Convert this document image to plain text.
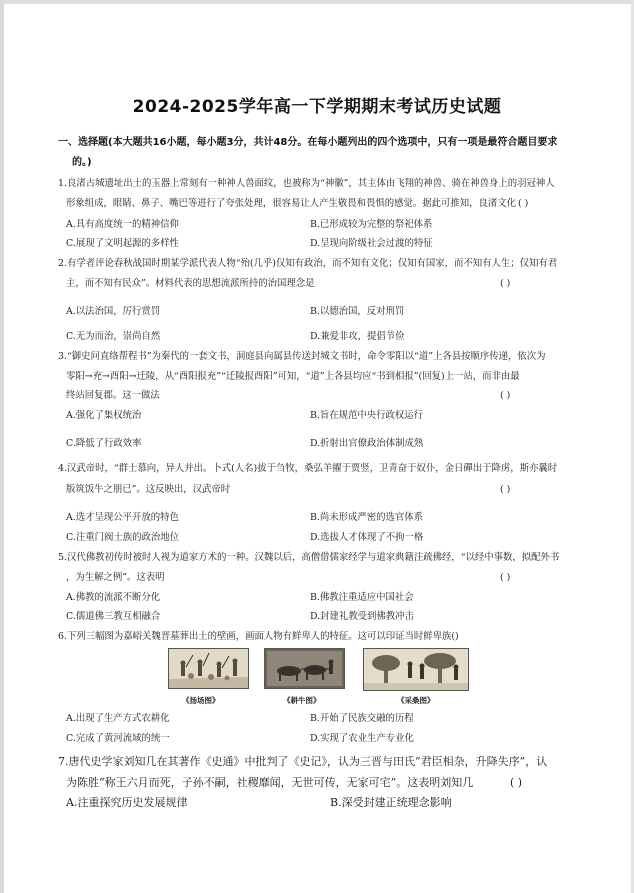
2024-2025学年高一下学期期末考试历史试题
一、选择题(本大题共16小题，每小题3分，共计48分。在每小题列出的四个选项中，只有一项是最符合题目要求
的。)
1.良渚古城遗址出土的玉器上常刻有一种神人兽面纹，也被称为“神徽”，其主体由飞翔的神兽、骑在神兽身上的羽冠神人
形象组成，眼睛、鼻子、嘴巴等进行了夸张处理，很容易让人产生敬畏和畏惧的感觉。据此可推知，良渚文化 ( )
A.具有高度统一的精神信仰	B.已形成较为完整的祭祀体系
C.展现了文明起源的多样性	D.呈现向阶级社会过渡的特征
2.有学者评论春秋战国时期某学派代表人物“殆(几乎)仅知有政治，而不知有文化；仅知有国家，而不知有人生；仅知有君
主，而不知有民众”。材料代表的思想流派所持的治国理念是	( )
A.以法治国，厉行赏罚	B.以德治国，反对刑罚
C.无为而治，崇尚自然	D.兼爱非攻，提倡节俭
3.“御史问直络帮程书”为秦代的一套文书，洞庭县向属县传送封城文书时，命令零阳以“道”上各县按顺序传递，依次为
零阳→充→酉阳→迁陵，从“酉阳报充”“迁陵报酉阳”可知，“道”上各县均应“书到相报”(回复)上一站，而非由最
终站回复郡。这一做法	( )
A.强化了集权统治	B.旨在规范中央行政权运行
C.降低了行政效率	D.折射出官僚政治体制成熟
4.汉武帝时，“群士慕向，异人并出。卜式(人名)拔于刍牧，桑弘羊擢于贾竖，卫青奋于奴仆，金日磾出于降虏，斯亦曩时
版筑饭牛之朋已”。这反映出，汉武帝时	( )
A.选才呈现公平开放的特色	B.尚未形成严密的选官体系
C.注重门阀士族的政治地位	D.选拔人才体现了不拘一格
5.汉代佛教初传时被时人视为道家方术的一种。汉魏以后，高僧借儒家经学与道家典籍注疏佛经，“以经中事数，拟配外书
，为生解之例”。这表明	( )
A.佛教的流派不断分化	B.佛教注重适应中国社会
C.儒道佛三教互相融合	D.封建礼教受到佛教冲击
6.下列三幅图为嘉峪关魏晋墓葬出土的壁画，画面人物有鲜卑人的特征。这可以印证当时鲜卑族()
《扬场图》	《耕牛图》	《采桑图》
A.出现了生产方式农耕化	B.开始了民族交融的历程
C.完成了黄河流域的统一	D.实现了农业生产专业化
7.唐代史学家刘知几在其著作《史通》中批判了《史记》，认为三晋与田氏“君臣相杂，升降失序”，认
为陈胜“称王六月而死，子孙不嗣，社稷靡闻，无世可传，无家可宅”。这表明刘知几	( )
A.注重探究历史发展规律	B.深受封建正统理念影响
